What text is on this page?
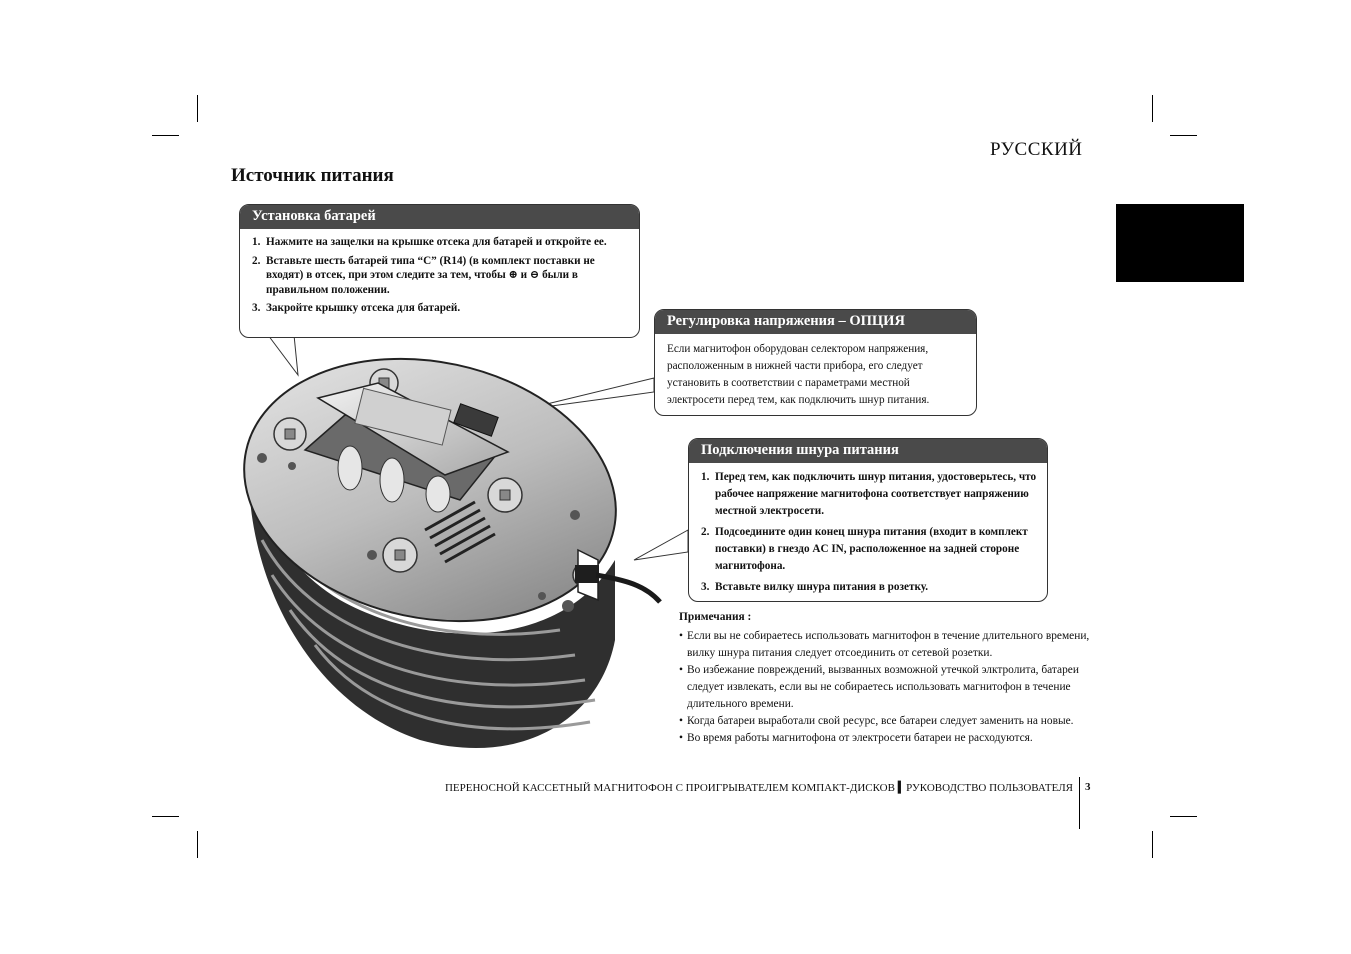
РУССКИЙ
Источник питания
Установка батарей
1. Нажмите на защелки на крышке отсека для батарей и откройте ее.
2. Вставьте шесть батарей типа “C” (R14) (в комплект поставки не входят) в отсек, при этом следите за тем, чтобы ⊕ и ⊖ были в правильном положении.
3. Закройте крышку отсека для батарей.
Регулировка напряжения – ОПЦИЯ
Если магнитофон оборудован селектором напряжения, расположенным в нижней части прибора, его следует установить в соответствии с параметрами местной электросети перед тем, как подключить шнур питания.
Подключения шнура питания
1. Перед тем, как подключить шнур питания, удостоверьтесь, что рабочее напряжение магнитофона соответствует напряжению местной электросети.
2. Подсоедините один конец шнура питания (входит в комплект поставки) в гнездо AC IN, расположенное на задней стороне магнитофона.
3. Вставьте вилку шнура питания в розетку.
Примечания :
• Если вы не собираетесь использовать магнитофон в течение длительного времени, вилку шнура питания следует отсоединить от сетевой розетки.
• Во избежание повреждений, вызванных возможной утечкой элктролита, батареи следует извлекать, если вы не собираетесь использовать магнитофон в течение длительного времени.
• Когда батареи выработали свой ресурс, все батареи следует заменить на новые.
• Во время работы магнитофона от электросети батареи не расходуются.
ПЕРЕНОСНОЙ КАССЕТНЫЙ МАГНИТОФОН С ПРОИГРЫВАТЕЛЕМ КОМПАКТ-ДИСКОВ ▍РУКОВОДСТВО ПОЛЬЗОВАТЕЛЯ 3
